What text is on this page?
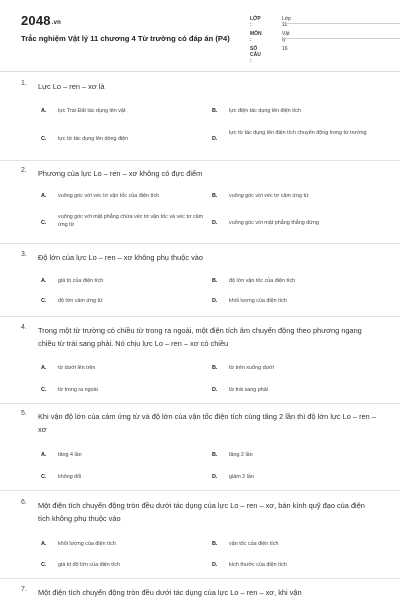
2048.vn
Trắc nghiệm Vật lý 11 chương 4 Từ trường có đáp án (P4)
LỚP :
Lớp 11
MÔN :
Vật lý
SỐ CÂU :
16
1. Lực Lo – ren – xơ là
A. lực Trái Đất tác dụng lên vật	B. lực điện tác dụng lên điện tích
C. lực từ tác dụng lên dòng điện	D.
lực từ tác dụng lên điện tích chuyển động trong từ trường
2. Phương của lực Lo – ren – xơ không có đực điểm
A. vuông góc với véc tơ vận tốc của điện tích	B. vuông góc với véc tơ cảm ứng từ
C.
vuông góc với mặt phẳng chứa véc tơ vận tốc và véc tơ cảm ứng từ	D. vuông góc với mặt phẳng thẳng đứng
3. Độ lớn của lực Lo – ren – xơ không phụ thuộc vào
A. giá trị của điện tích	B. độ lớn vận tốc của điện tích
C. độ lớn cảm ứng từ	D. khối lượng của điện tích
4. Trong một từ trường có chiều từ trong ra ngoài, một điện tích âm chuyển động theo phương ngang chiều từ trái sang phải. Nó chịu lực Lo – ren – xơ có chiều
A. từ dưới lên trên	B. từ trên xuống dưới
C. từ trong ra ngoài	D. từ trái sang phải
5. Khi vận độ lớn của cảm ứng từ và độ lớn của vận tốc điện tích cùng tăng 2 lần thì độ lớn lực Lo – ren – xơ
A. tăng 4 lần	B. tăng 2 lần
C. không đổi	D. giảm 2 lần
6. Một điện tích chuyển động tròn đều dưới tác dụng của lực Lo – ren – xơ, bán kính quỹ đạo của điện tích không phụ thuộc vào
A. khối lượng của điện tích	B. vận tốc của điện tích
C. giá trị độ lớn của điện tích	D. kích thước của điện tích
7. Một điện tích chuyển động tròn đều dưới tác dụng của lực Lo – ren – xơ, khi vận
